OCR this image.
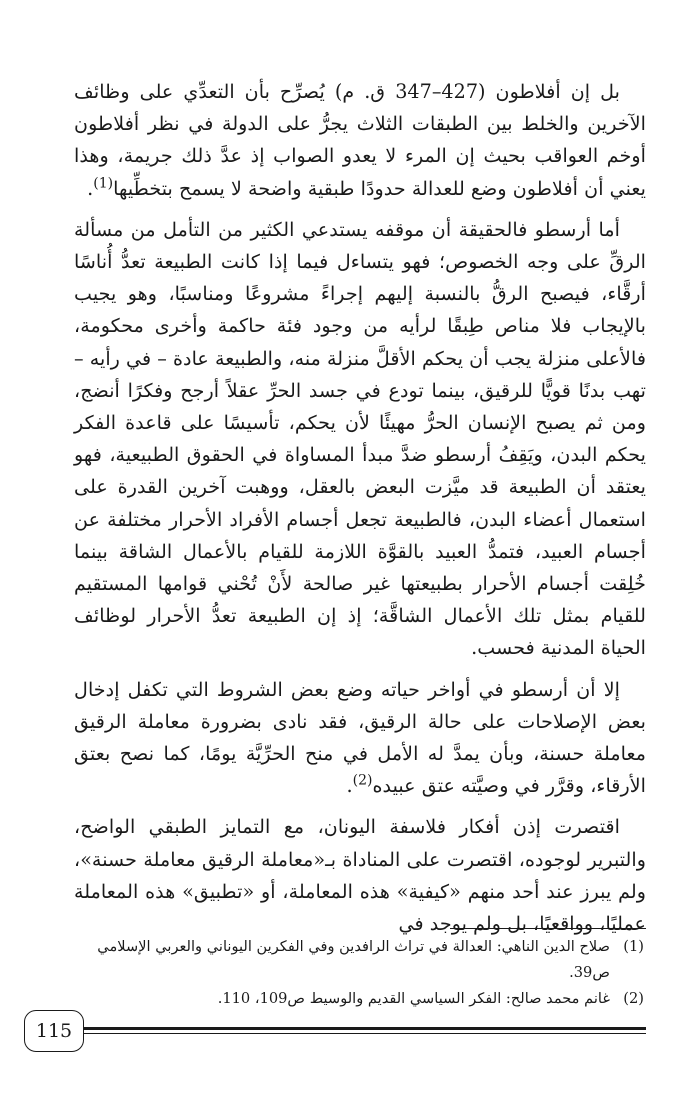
بل إن أفلاطون (427–347 ق. م) يُصرِّح بأن التعدِّي على وظائف الآخرين والخلط بين الطبقات الثلاث يجرُّ على الدولة في نظر أفلاطون أوخم العواقب بحيث إن المرء لا يعدو الصواب إذ عدَّ ذلك جريمة، وهذا يعني أن أفلاطون وضع للعدالة حدودًا طبقية واضحة لا يسمح بتخطِّيها$^{(1)}$.

أما أرسطو فالحقيقة أن موقفه يستدعي الكثير من التأمل من مسألة الرقِّ على وجه الخصوص؛ فهو يتساءل فيما إذا كانت الطبيعة تعدُّ أُناسًا أرقَّاء، فيصبح الرقُّ بالنسبة إليهم إجراءً مشروعًا ومناسبًا، وهو يجيب بالإيجاب فلا مناص طِبقًا لرأيه من وجود فئة حاكمة وأخرى محكومة، فالأعلى منزلة يجب أن يحكم الأقلَّ منزلة منه، والطبيعة عادة – في رأيه – تهب بدنًا قويًّا للرقيق، بينما تودع في جسد الحرِّ عقلاً أرجح وفكرًا أنضج، ومن ثم يصبح الإنسان الحرُّ مهيئًا لأن يحكم، تأسيسًا على قاعدة الفكر يحكم البدن، ويَقِفُ أرسطو ضدَّ مبدأ المساواة في الحقوق الطبيعية، فهو يعتقد أن الطبيعة قد ميَّزت البعض بالعقل، ووهبت آخرين القدرة على استعمال أعضاء البدن، فالطبيعة تجعل أجسام الأفراد الأحرار مختلفة عن أجسام العبيد، فتمدُّ العبيد بالقوَّة اللازمة للقيام بالأعمال الشاقة بينما خُلِقت أجسام الأحرار بطبيعتها غير صالحة لأَنْ تُحْني قوامها المستقيم للقيام بمثل تلك الأعمال الشاقَّة؛ إذ إن الطبيعة تعدُّ الأحرار لوظائف الحياة المدنية فحسب.

إلا أن أرسطو في أواخر حياته وضع بعض الشروط التي تكفل إدخال بعض الإصلاحات على حالة الرقيق، فقد نادى بضرورة معاملة الرقيق معاملة حسنة، وبأن يمدَّ له الأمل في منح الحرِّيَّة يومًا، كما نصح بعتق الأرقاء، وقرَّر في وصيَّته عتق عبيده$^{(2)}$.

اقتصرت إذن أفكار فلاسفة اليونان، مع التمايز الطبقي الواضح، والتبرير لوجوده، اقتصرت على المناداة بـ«معاملة الرقيق معاملة حسنة»، ولم يبرز عند أحد منهم «كيفية» هذه المعاملة، أو «تطبيق» هذه المعاملة عمليًا، وواقعيًا، بل ولم يوجد في

(1)
صلاح الدين الناهي: العدالة في تراث الرافدين وفي الفكرين اليوناني والعربي الإسلامي ص39.
(2)
غانم محمد صالح: الفكر السياسي القديم والوسيط ص109، 110.
115
